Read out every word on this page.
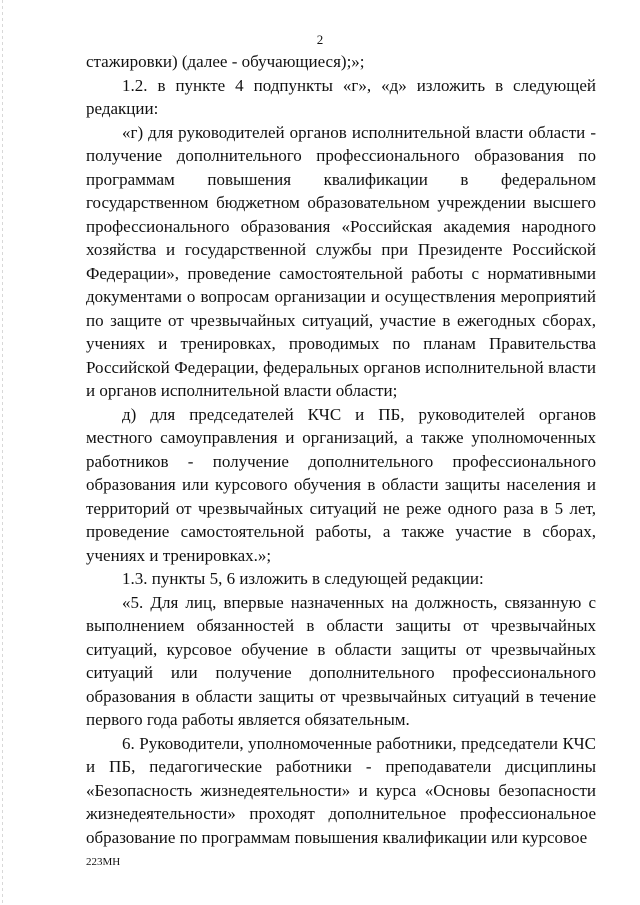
2

стажировки) (далее - обучающиеся);»;

1.2. в пункте 4 подпункты «г», «д» изложить в следующей редакции:

«г) для руководителей органов исполнительной власти области - получение дополнительного профессионального образования по программам повышения квалификации в федеральном государственном бюджетном образовательном учреждении высшего профессионального образования «Российская академия народного хозяйства и государственной службы при Президенте Российской Федерации», проведение самостоятельной работы с нормативными документами о вопросам организации и осуществления мероприятий по защите от чрезвычайных ситуаций, участие в ежегодных сборах, учениях и тренировках, проводимых по планам Правительства Российской Федерации, федеральных органов исполнительной власти и органов исполнительной власти области;

д) для председателей КЧС и ПБ, руководителей органов местного самоуправления и организаций, а также уполномоченных работников - получение дополнительного профессионального образования или курсового обучения в области защиты населения и территорий от чрезвычайных ситуаций не реже одного раза в 5 лет, проведение самостоятельной работы, а также участие в сборах, учениях и тренировках.»;

1.3. пункты 5, 6 изложить в следующей редакции:

«5. Для лиц, впервые назначенных на должность, связанную с выполнением обязанностей в области защиты от чрезвычайных ситуаций, курсовое обучение в области защиты от чрезвычайных ситуаций или получение дополнительного профессионального образования в области защиты от чрезвычайных ситуаций в течение первого года работы является обязательным.

6. Руководители, уполномоченные работники, председатели КЧС и ПБ, педагогические работники - преподаватели дисциплины «Безопасность жизнедеятельности» и курса «Основы безопасности жизнедеятельности» проходят дополнительное профессиональное образование по программам повышения квалификации или курсовое

223МН
